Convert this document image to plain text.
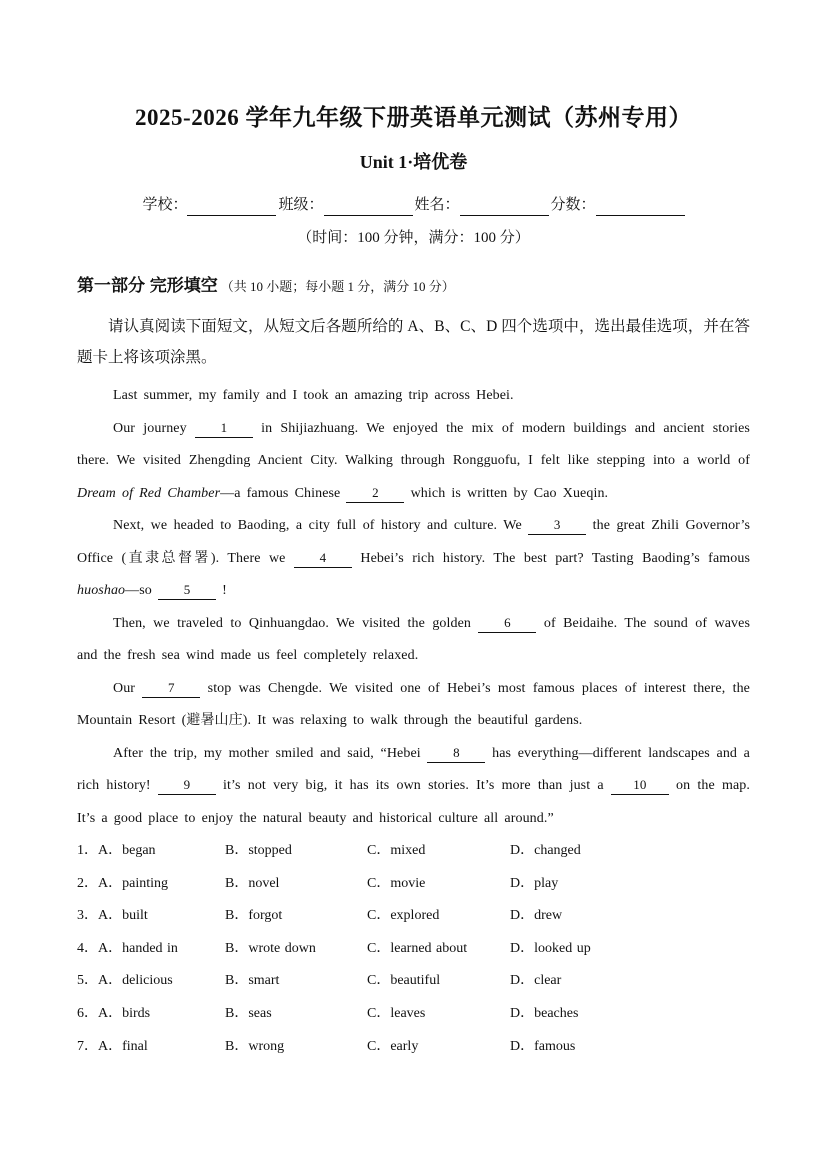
2025-2026 学年九年级下册英语单元测试（苏州专用）
Unit 1·培优卷
学校：	班级：	姓名：	分数：
（时间：100 分钟，满分：100 分）
第一部分 完形填空 （共 10 小题；每小题 1 分，满分 10 分）

请认真阅读下面短文，从短文后各题所给的 A、B、C、D 四个选项中，选出最佳选项，并在答题卡上将该项涂黑。

Last summer, my family and I took an amazing trip across Hebei.

Our journey 1 in Shijiazhuang. We enjoyed the mix of modern buildings and ancient stories there. We visited Zhengding Ancient City. Walking through Rongguofu, I felt like stepping into a world of Dream of Red Chamber—a famous Chinese 2 which is written by Cao Xueqin.

Next, we headed to Baoding, a city full of history and culture. We 3 the great Zhili Governor’s Office (直隶总督署). There we 4 Hebei’s rich history. The best part? Tasting Baoding’s famous huoshao—so 5 !

Then, we traveled to Qinhuangdao. We visited the golden 6 of Beidaihe. The sound of waves and the fresh sea wind made us feel completely relaxed.

Our 7 stop was Chengde. We visited one of Hebei’s most famous places of interest there, the Mountain Resort (避暑山庄). It was relaxing to walk through the beautiful gardens.

After the trip, my mother smiled and said, “Hebei 8 has everything—different landscapes and a rich history! 9 it’s not very big, it has its own stories. It’s more than just a 10 on the map. It’s a good place to enjoy the natural beauty and historical culture all around.”

1．A．began	B．stopped	C．mixed	D．changed
2．A．painting	B．novel	C．movie	D．play
3．A．built	B．forgot	C．explored	D．drew
4．A．handed in	B．wrote down	C．learned about	D．looked up
5．A．delicious	B．smart	C．beautiful	D．clear
6．A．birds	B．seas	C．leaves	D．beaches
7．A．final	B．wrong	C．early	D．famous
